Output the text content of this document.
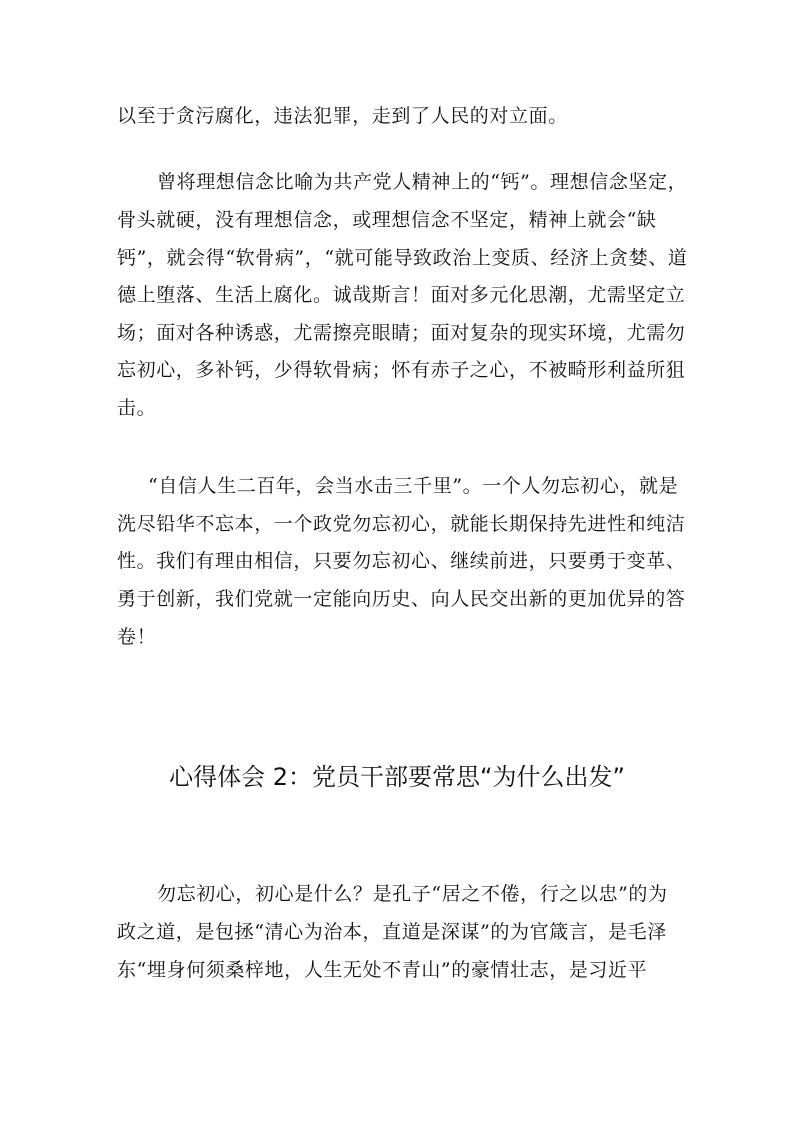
以至于贪污腐化，违法犯罪，走到了人民的对立面。
曾将理想信念比喻为共产党人精神上的“钙”。理想信念坚定，
骨头就硬，没有理想信念，或理想信念不坚定，精神上就会“缺
钙”，就会得“软骨病”，“就可能导致政治上变质、经济上贪婪、道
德上堕落、生活上腐化。诚哉斯言！面对多元化思潮，尤需坚定立
场；面对各种诱惑，尤需擦亮眼睛；面对复杂的现实环境，尤需勿
忘初心，多补钙，少得软骨病；怀有赤子之心，不被畸形利益所狙
击。
“自信人生二百年，会当水击三千里”。一个人勿忘初心，就是
洗尽铅华不忘本，一个政党勿忘初心，就能长期保持先进性和纯洁
性。我们有理由相信，只要勿忘初心、继续前进，只要勇于变革、
勇于创新，我们党就一定能向历史、向人民交出新的更加优异的答
卷！
心得体会 2：党员干部要常思“为什么出发”
勿忘初心，初心是什么？是孔子“居之不倦，行之以忠”的为
政之道，是包拯“清心为治本，直道是深谋”的为官箴言，是毛泽
东“埋身何须桑梓地，人生无处不青山”的豪情壮志，是习近平
